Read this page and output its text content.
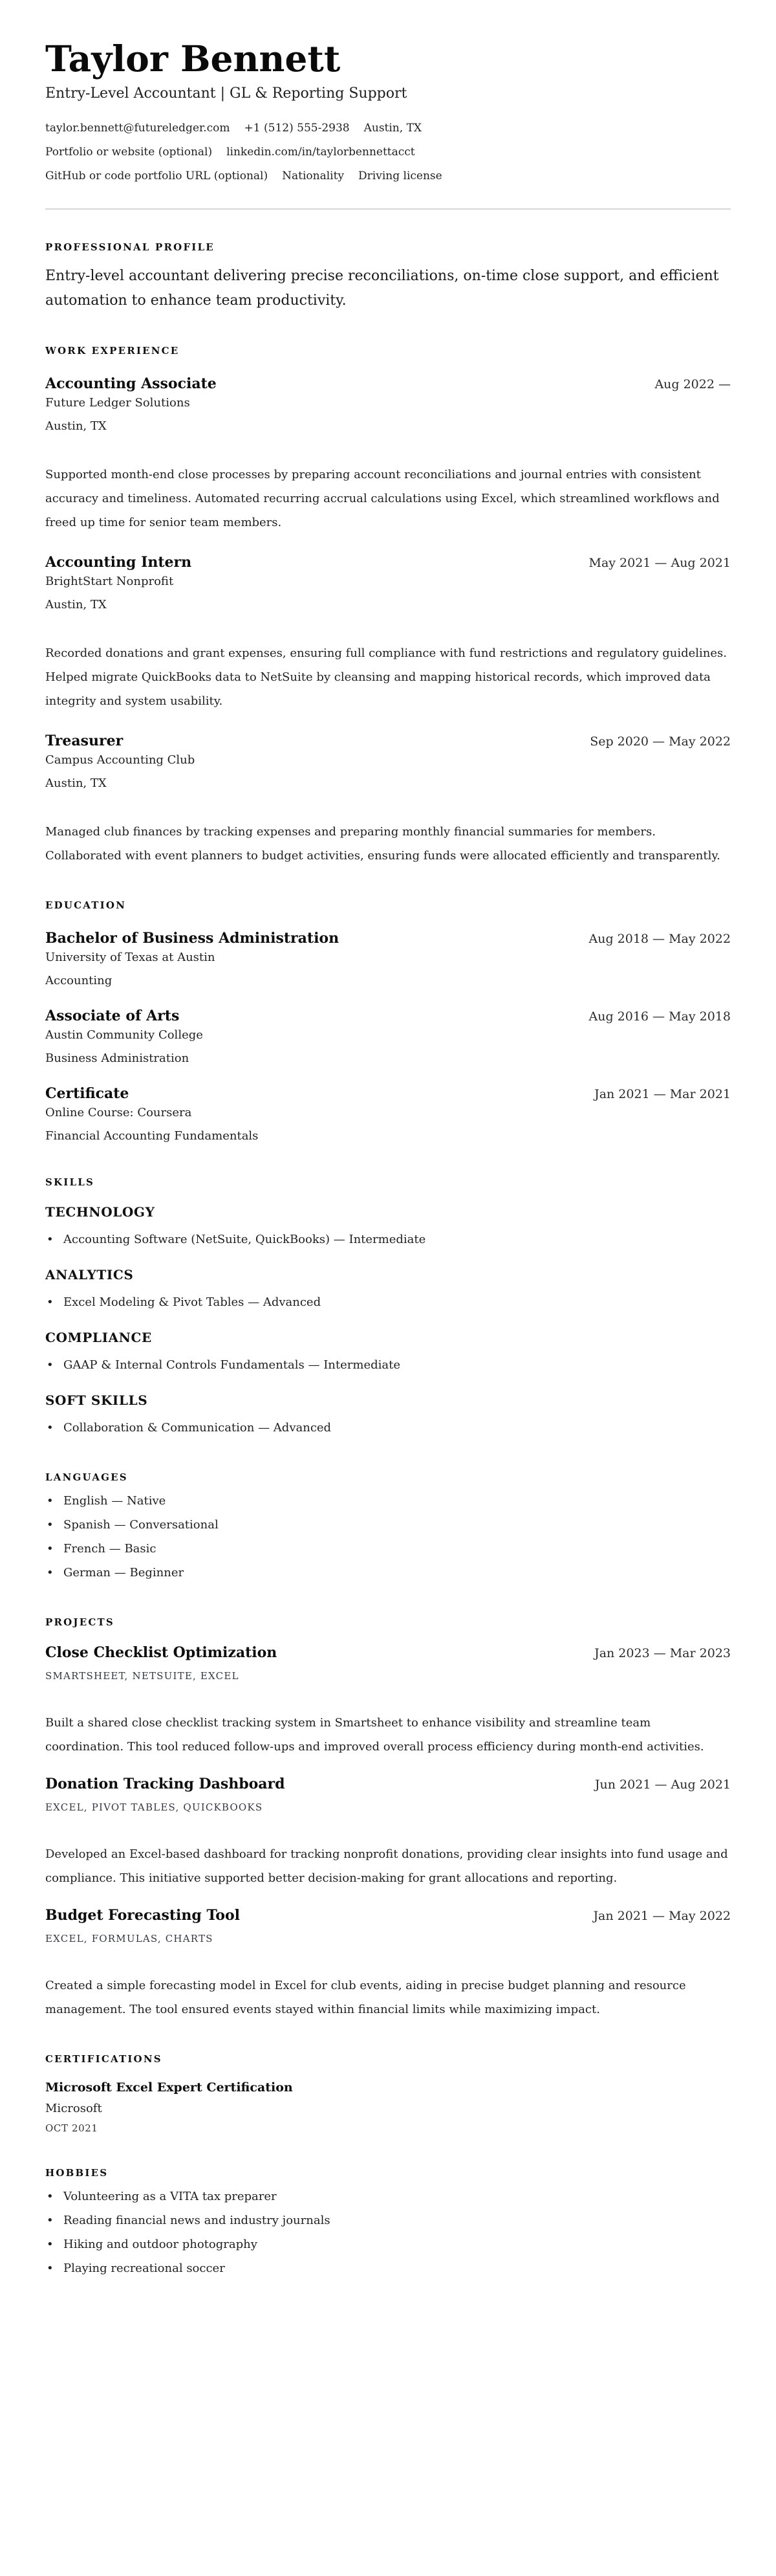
Taylor Bennett
Entry-Level Accountant | GL & Reporting Support
taylor.bennett@futureledger.com +1 (512) 555-2938 Austin, TX
Portfolio or website (optional) linkedin.com/in/taylorbennettacct
GitHub or code portfolio URL (optional) Nationality Driving license
PROFESSIONAL PROFILE

Entry-level accountant delivering precise reconciliations, on-time close support, and efficient automation to enhance team productivity.

WORK EXPERIENCE
Accounting Associate	Aug 2022 —
Future Ledger Solutions
Austin, TX

Supported month-end close processes by preparing account reconciliations and journal entries with consistent accuracy and timeliness. Automated recurring accrual calculations using Excel, which streamlined workflows and freed up time for senior team members.

Accounting Intern	May 2021 — Aug 2021
BrightStart Nonprofit
Austin, TX

Recorded donations and grant expenses, ensuring full compliance with fund restrictions and regulatory guidelines. Helped migrate QuickBooks data to NetSuite by cleansing and mapping historical records, which improved data integrity and system usability.

Treasurer	Sep 2020 — May 2022
Campus Accounting Club
Austin, TX

Managed club finances by tracking expenses and preparing monthly financial summaries for members. Collaborated with event planners to budget activities, ensuring funds were allocated efficiently and transparently.

EDUCATION
Bachelor of Business Administration	Aug 2018 — May 2022
University of Texas at Austin
Accounting
Associate of Arts	Aug 2016 — May 2018
Austin Community College
Business Administration
Certificate	Jan 2021 — Mar 2021
Online Course: Coursera
Financial Accounting Fundamentals
SKILLS
TECHNOLOGY
• Accounting Software (NetSuite, QuickBooks) — Intermediate
ANALYTICS
• Excel Modeling & Pivot Tables — Advanced
COMPLIANCE
• GAAP & Internal Controls Fundamentals — Intermediate
SOFT SKILLS
• Collaboration & Communication — Advanced
LANGUAGES
• English — Native
• Spanish — Conversational
• French — Basic
• German — Beginner
PROJECTS
Close Checklist Optimization	Jan 2023 — Mar 2023
SMARTSHEET, NETSUITE, EXCEL

Built a shared close checklist tracking system in Smartsheet to enhance visibility and streamline team coordination. This tool reduced follow-ups and improved overall process efficiency during month-end activities.

Donation Tracking Dashboard	Jun 2021 — Aug 2021
EXCEL, PIVOT TABLES, QUICKBOOKS

Developed an Excel-based dashboard for tracking nonprofit donations, providing clear insights into fund usage and compliance. This initiative supported better decision-making for grant allocations and reporting.

Budget Forecasting Tool	Jan 2021 — May 2022
EXCEL, FORMULAS, CHARTS

Created a simple forecasting model in Excel for club events, aiding in precise budget planning and resource management. The tool ensured events stayed within financial limits while maximizing impact.

CERTIFICATIONS
Microsoft Excel Expert Certification
Microsoft
OCT 2021
HOBBIES
• Volunteering as a VITA tax preparer
• Reading financial news and industry journals
• Hiking and outdoor photography
• Playing recreational soccer
